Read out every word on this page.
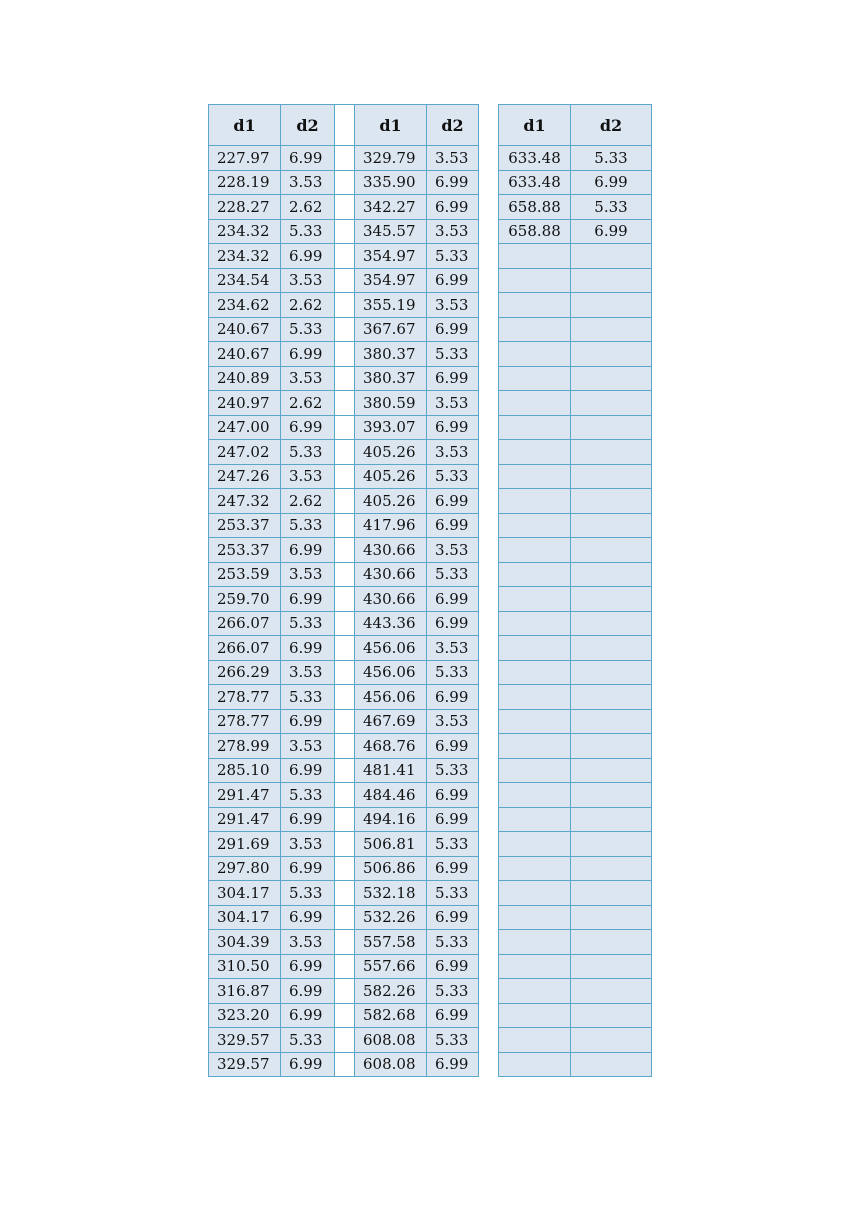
d1	d2		d1	d2
227.97	6.99		329.79	3.53
228.19	3.53		335.90	6.99
228.27	2.62		342.27	6.99
234.32	5.33		345.57	3.53
234.32	6.99		354.97	5.33
234.54	3.53		354.97	6.99
234.62	2.62		355.19	3.53
240.67	5.33		367.67	6.99
240.67	6.99		380.37	5.33
240.89	3.53		380.37	6.99
240.97	2.62		380.59	3.53
247.00	6.99		393.07	6.99
247.02	5.33		405.26	3.53
247.26	3.53		405.26	5.33
247.32	2.62		405.26	6.99
253.37	5.33		417.96	6.99
253.37	6.99		430.66	3.53
253.59	3.53		430.66	5.33
259.70	6.99		430.66	6.99
266.07	5.33		443.36	6.99
266.07	6.99		456.06	3.53
266.29	3.53		456.06	5.33
278.77	5.33		456.06	6.99
278.77	6.99		467.69	3.53
278.99	3.53		468.76	6.99
285.10	6.99		481.41	5.33
291.47	5.33		484.46	6.99
291.47	6.99		494.16	6.99
291.69	3.53		506.81	5.33
297.80	6.99		506.86	6.99
304.17	5.33		532.18	5.33
304.17	6.99		532.26	6.99
304.39	3.53		557.58	5.33
310.50	6.99		557.66	6.99
316.87	6.99		582.26	5.33
323.20	6.99		582.68	6.99
329.57	5.33		608.08	5.33
329.57	6.99		608.08	6.99
d1	d2
633.48	5.33
633.48	6.99
658.88	5.33
658.88	6.99
